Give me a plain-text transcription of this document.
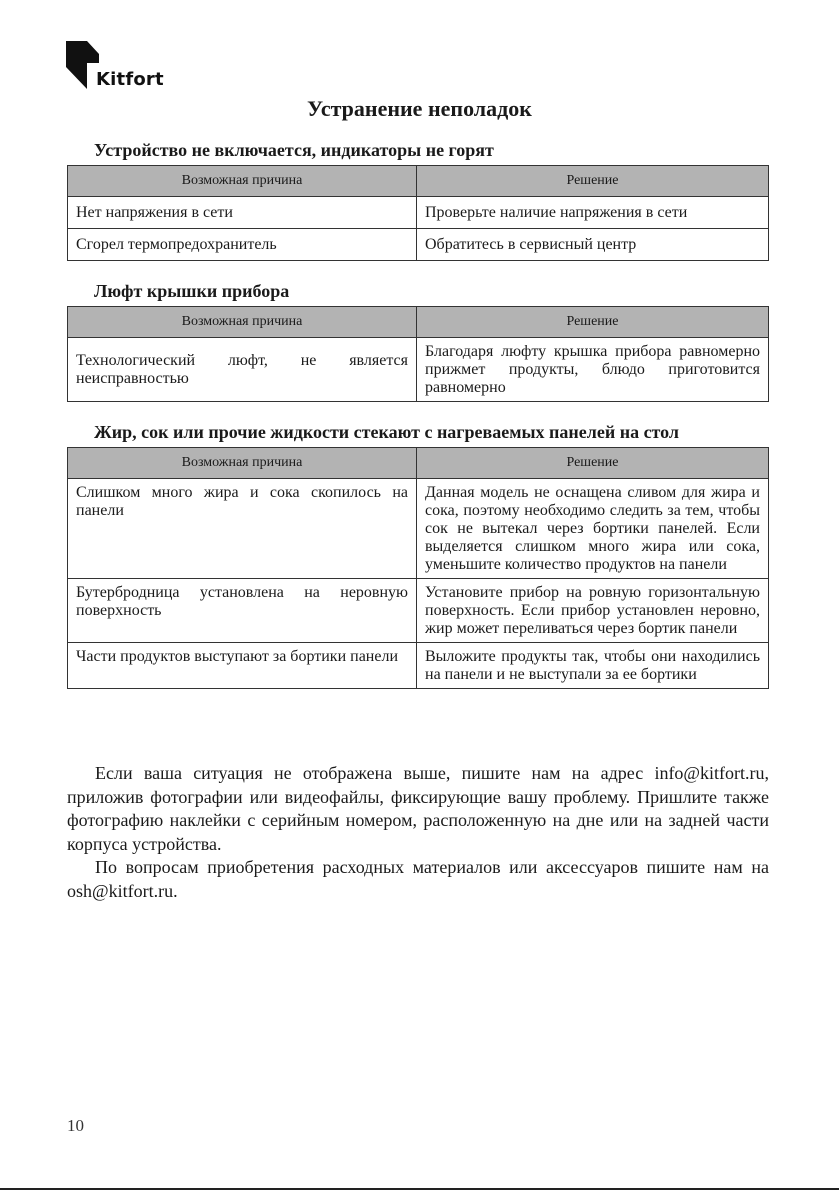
Kitfort
Устранение неполадок
Устройство не включается, индикаторы не горят
Возможная причина	Решение
Нет напряжения в сети	Проверьте наличие напряжения в сети
Сгорел термопредохранитель	Обратитесь в сервисный центр
Люфт крышки прибора
Возможная причина	Решение
Технологический люфт, не является неисправностью	Благодаря люфту крышка прибора равномерно прижмет продукты, блюдо приготовится равномерно
Жир, сок или прочие жидкости стекают с нагреваемых панелей на стол
Возможная причина	Решение
Слишком много жира и сока скопилось на панели	Данная модель не оснащена сливом для жира и сока, поэтому необходимо следить за тем, чтобы сок не вытекал через бортики панелей. Если выделяется слишком много жира или сока, уменьшите количество продуктов на панели
Бутербродница установлена на неровную поверхность	Установите прибор на ровную горизонтальную поверхность. Если прибор установлен неровно, жир может переливаться через бортик панели
Части продуктов выступают за бортики панели	Выложите продукты так, чтобы они находились на панели и не выступали за ее бортики

Если ваша ситуация не отображена выше, пишите нам на адрес info@kitfort.ru, приложив фотографии или видеофайлы, фиксирующие вашу проблему. Пришлите также фотографию наклейки с серийным номером, расположенную на дне или на задней части корпуса устройства.

По вопросам приобретения расходных материалов или аксессуаров пишите нам на osh@kitfort.ru.

10
